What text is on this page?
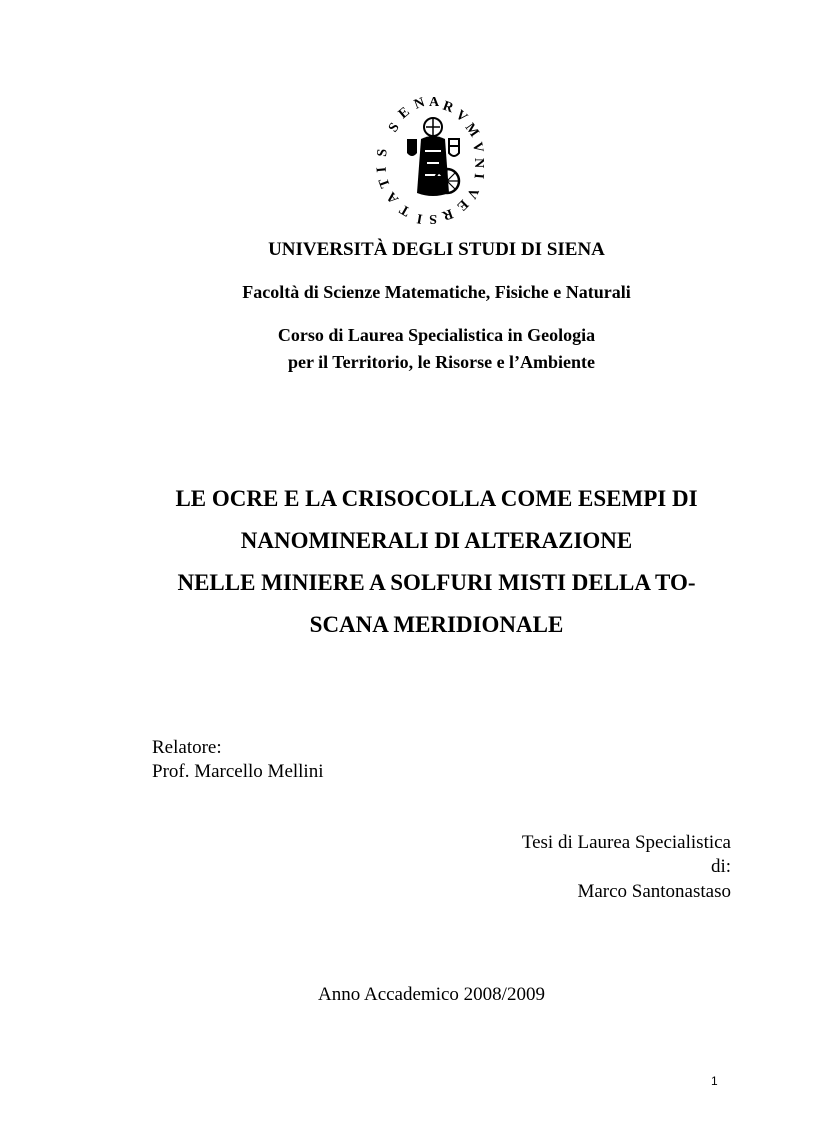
S
E
N A R
V
M
V
N
I
V
E
R
S
I
T
A
T
I
S
UNIVERSITÀ DEGLI STUDI DI SIENA
Facoltà di Scienze Matematiche, Fisiche e Naturali
Corso di Laurea Specialistica in Geologia
per il Territorio, le Risorse e l’Ambiente
LE OCRE E LA CRISOCOLLA COME ESEMPI DI
NANOMINERALI DI ALTERAZIONE
NELLE MINIERE A SOLFURI MISTI DELLA TO-
SCANA MERIDIONALE
Relatore:
Prof. Marcello Mellini
Tesi di Laurea Specialistica
di:
Marco Santonastaso
Anno Accademico 2008/2009
1
